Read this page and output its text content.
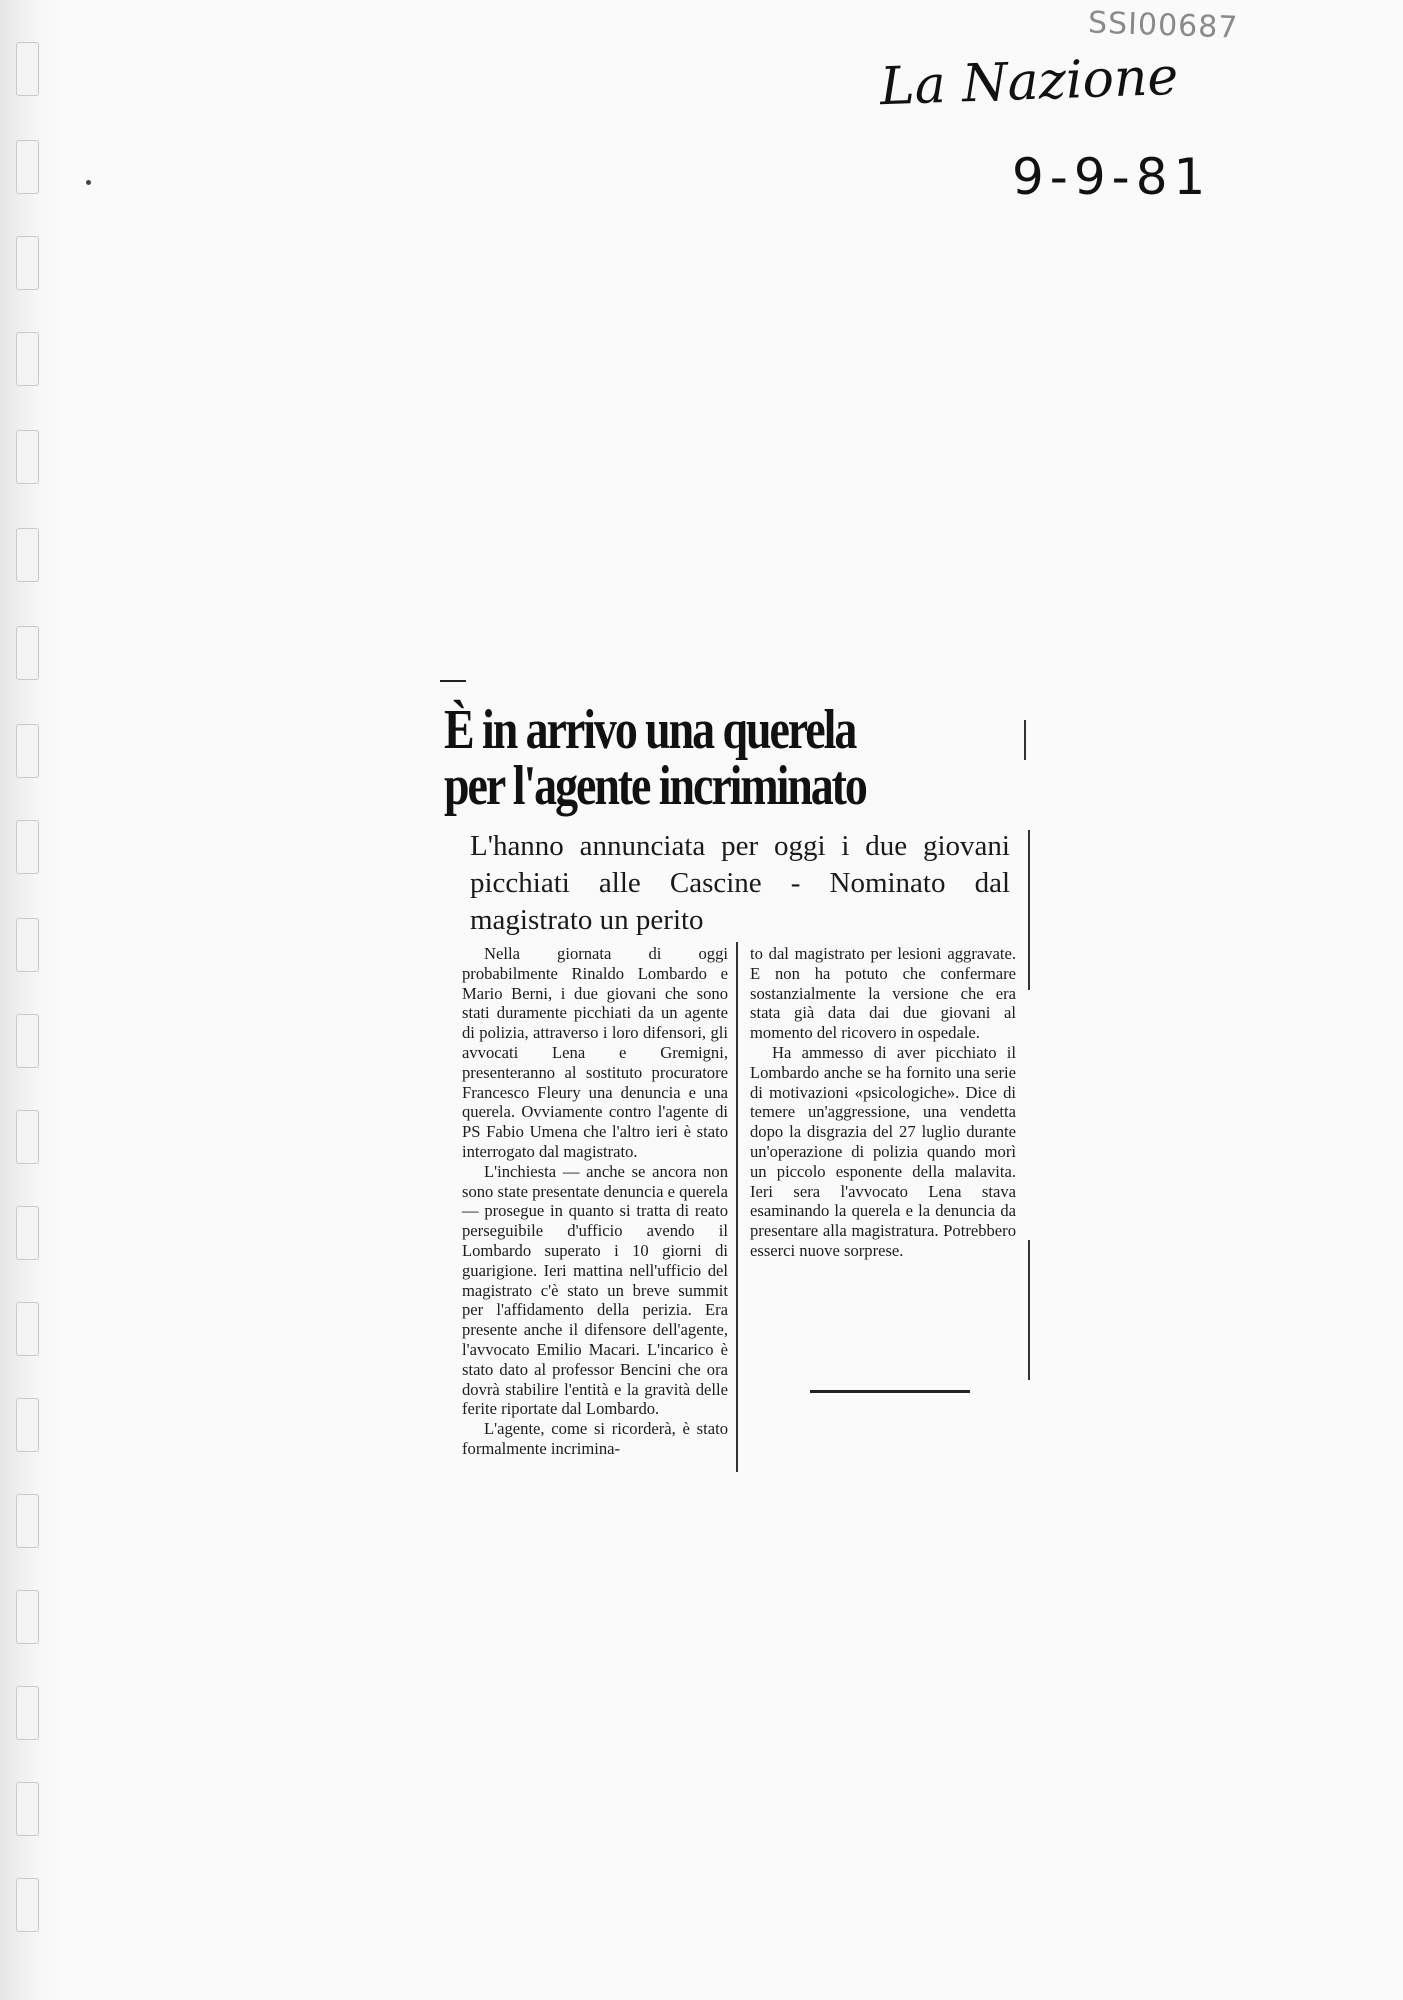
SSI00687
La Nazione
9-9-81
È in arrivo una querela
per l'agente incriminato

L'hanno annunciata per oggi i due giovani picchiati alle Cascine - Nominato dal magistrato un perito

Nella giornata di oggi probabilmente Rinaldo Lombardo e Mario Berni, i due giovani che sono stati duramente picchiati da un agente di polizia, attraverso i loro difensori, gli avvocati Lena e Gremigni, presenteranno al sostituto procuratore Francesco Fleury una denuncia e una querela. Ovviamente contro l'agente di PS Fabio Umena che l'altro ieri è stato interrogato dal magistrato.

L'inchiesta — anche se ancora non sono state presentate denuncia e querela — prosegue in quanto si tratta di reato perseguibile d'ufficio avendo il Lombardo superato i 10 giorni di guarigione. Ieri mattina nell'ufficio del magistrato c'è stato un breve summit per l'affidamento della perizia. Era presente anche il difensore dell'agente, l'avvocato Emilio Macari. L'incarico è stato dato al professor Bencini che ora dovrà stabilire l'entità e la gravità delle ferite riportate dal Lombardo.

L'agente, come si ricorderà, è stato formalmente incrimina-

to dal magistrato per lesioni aggravate. E non ha potuto che confermare sostanzialmente la versione che era stata già data dai due giovani al momento del ricovero in ospedale.

Ha ammesso di aver picchiato il Lombardo anche se ha fornito una serie di motivazioni «psicologiche». Dice di temere un'aggressione, una vendetta dopo la disgrazia del 27 luglio durante un'operazione di polizia quando morì un piccolo esponente della malavita. Ieri sera l'avvocato Lena stava esaminando la querela e la denuncia da presentare alla magistratura. Potrebbero esserci nuove sorprese.
